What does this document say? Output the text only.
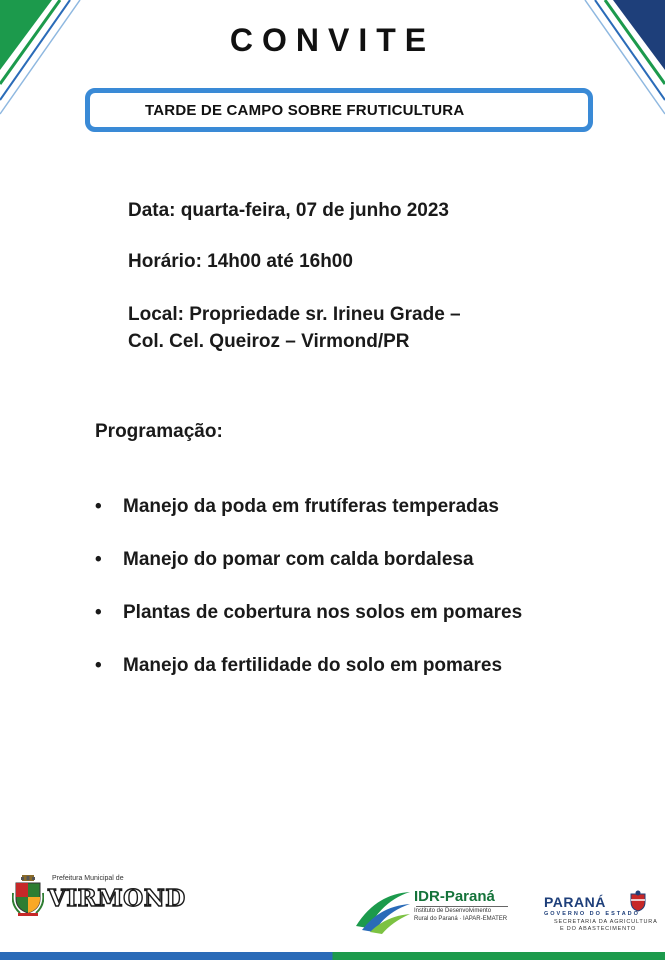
CONVITE
TARDE DE CAMPO SOBRE FRUTICULTURA
Data: quarta-feira, 07 de junho 2023
Horário: 14h00 até 16h00
Local: Propriedade sr. Irineu Grade –
Col. Cel. Queiroz – Virmond/PR
Programação:
• Manejo da poda em frutíferas temperadas
• Manejo do pomar com calda bordalesa
• Plantas de cobertura nos solos em pomares
• Manejo da fertilidade do solo em pomares
Prefeitura Municipal de
VIRMOND	IDR-Paraná
Instituto de Desenvolvimento
Rural do Paraná · IAPAR-EMATER
PARANÁ
GOVERNO DO ESTADO
SECRETARIA DA AGRICULTURA
E DO ABASTECIMENTO
